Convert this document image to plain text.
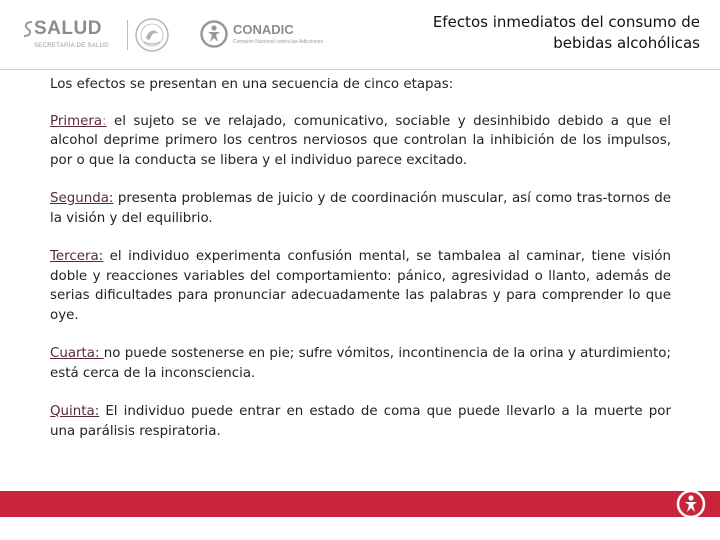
SALUD
SECRETARÍA DE SALUD
CONADIC
Comisión Nacional contra las Adicciones
Efectos inmediatos del consumo de
bebidas alcohólicas

Los efectos se presentan en una secuencia de cinco etapas:

Primera: el sujeto se ve relajado, comunicativo, sociable y desinhibido debido a que el alcohol deprime primero los centros nerviosos que controlan la inhibición de los impulsos, por o que la conducta se libera y el individuo parece excitado.

Segunda: presenta problemas de juicio y de coordinación muscular, así como tras-tornos de la visión y del equilibrio.

Tercera: el individuo experimenta confusión mental, se tambalea al caminar, tiene visión doble y reacciones variables del comportamiento: pánico, agresividad o llanto, además de serias dificultades para pronunciar adecuadamente las palabras y para comprender lo que oye.

Cuarta: no puede sostenerse en pie; sufre vómitos, incontinencia de la orina y aturdimiento; está cerca de la inconsciencia.

Quinta: El individuo puede entrar en estado de coma que puede llevarlo a la muerte por una parálisis respiratoria.
